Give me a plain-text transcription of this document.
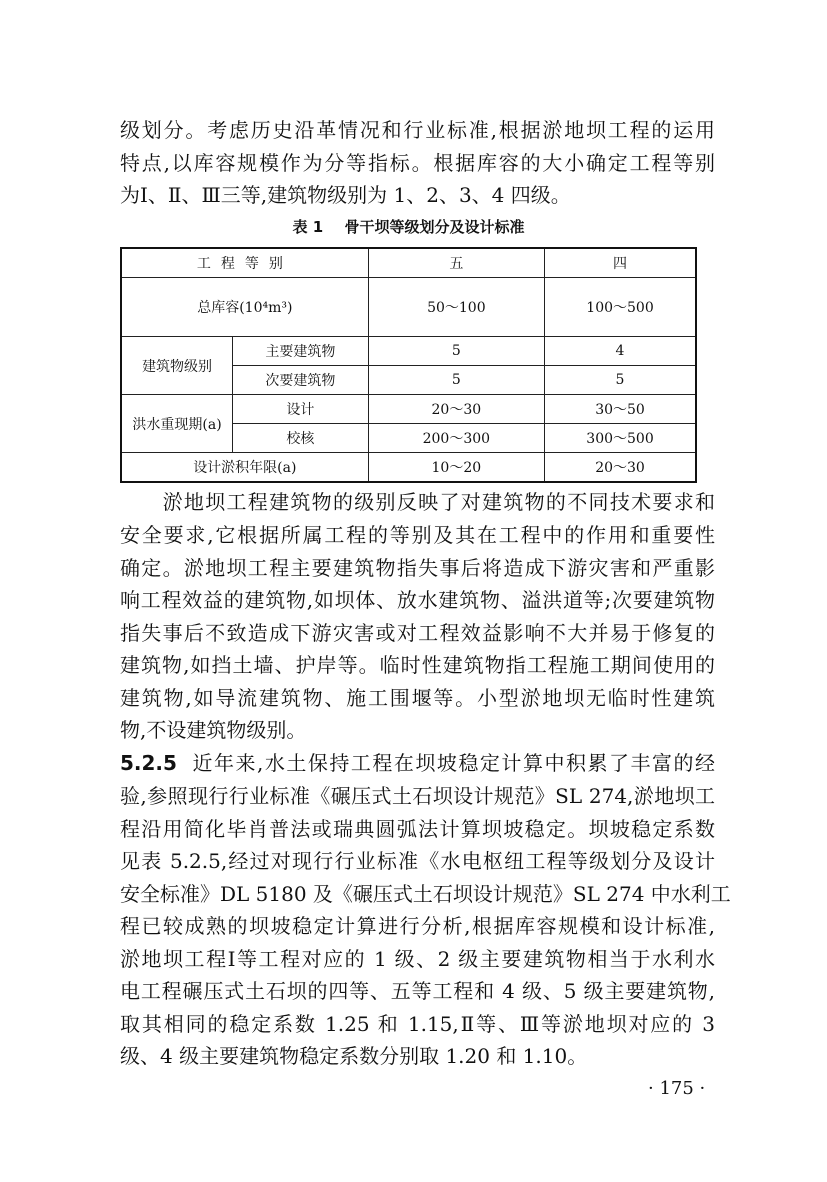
级划分。考虑历史沿革情况和行业标准,根据淤地坝工程的运用
特点,以库容规模作为分等指标。根据库容的大小确定工程等别
为Ⅰ、Ⅱ、Ⅲ三等,建筑物级别为 1、2、3、4 四级。
表 1 骨干坝等级划分及设计标准
工程等别		五	四
总库容(10⁴m³)		50～100	100～500
建筑物级别	主要建筑物	5	4
	次要建筑物	5	5
洪水重现期(a)	设计	20～30	30～50
	校核	200～300	300～500
设计淤积年限(a)		10～20	20～30
　　淤地坝工程建筑物的级别反映了对建筑物的不同技术要求和
安全要求,它根据所属工程的等别及其在工程中的作用和重要性
确定。淤地坝工程主要建筑物指失事后将造成下游灾害和严重影
响工程效益的建筑物,如坝体、放水建筑物、溢洪道等;次要建筑物
指失事后不致造成下游灾害或对工程效益影响不大并易于修复的
建筑物,如挡土墙、护岸等。临时性建筑物指工程施工期间使用的
建筑物,如导流建筑物、施工围堰等。小型淤地坝无临时性建筑
物,不设建筑物级别。
5.2.5 近年来,水土保持工程在坝坡稳定计算中积累了丰富的经
验,参照现行行业标准《碾压式土石坝设计规范》SL 274,淤地坝工
程沿用简化毕肖普法或瑞典圆弧法计算坝坡稳定。坝坡稳定系数
见表 5.2.5,经过对现行行业标准《水电枢纽工程等级划分及设计
安全标准》DL 5180 及《碾压式土石坝设计规范》SL 274 中水利工
程已较成熟的坝坡稳定计算进行分析,根据库容规模和设计标准,
淤地坝工程Ⅰ等工程对应的 1 级、2 级主要建筑物相当于水利水
电工程碾压式土石坝的四等、五等工程和 4 级、5 级主要建筑物,
取其相同的稳定系数 1.25 和 1.15,Ⅱ等、Ⅲ等淤地坝对应的 3
级、4 级主要建筑物稳定系数分别取 1.20 和 1.10。
· 175 ·
